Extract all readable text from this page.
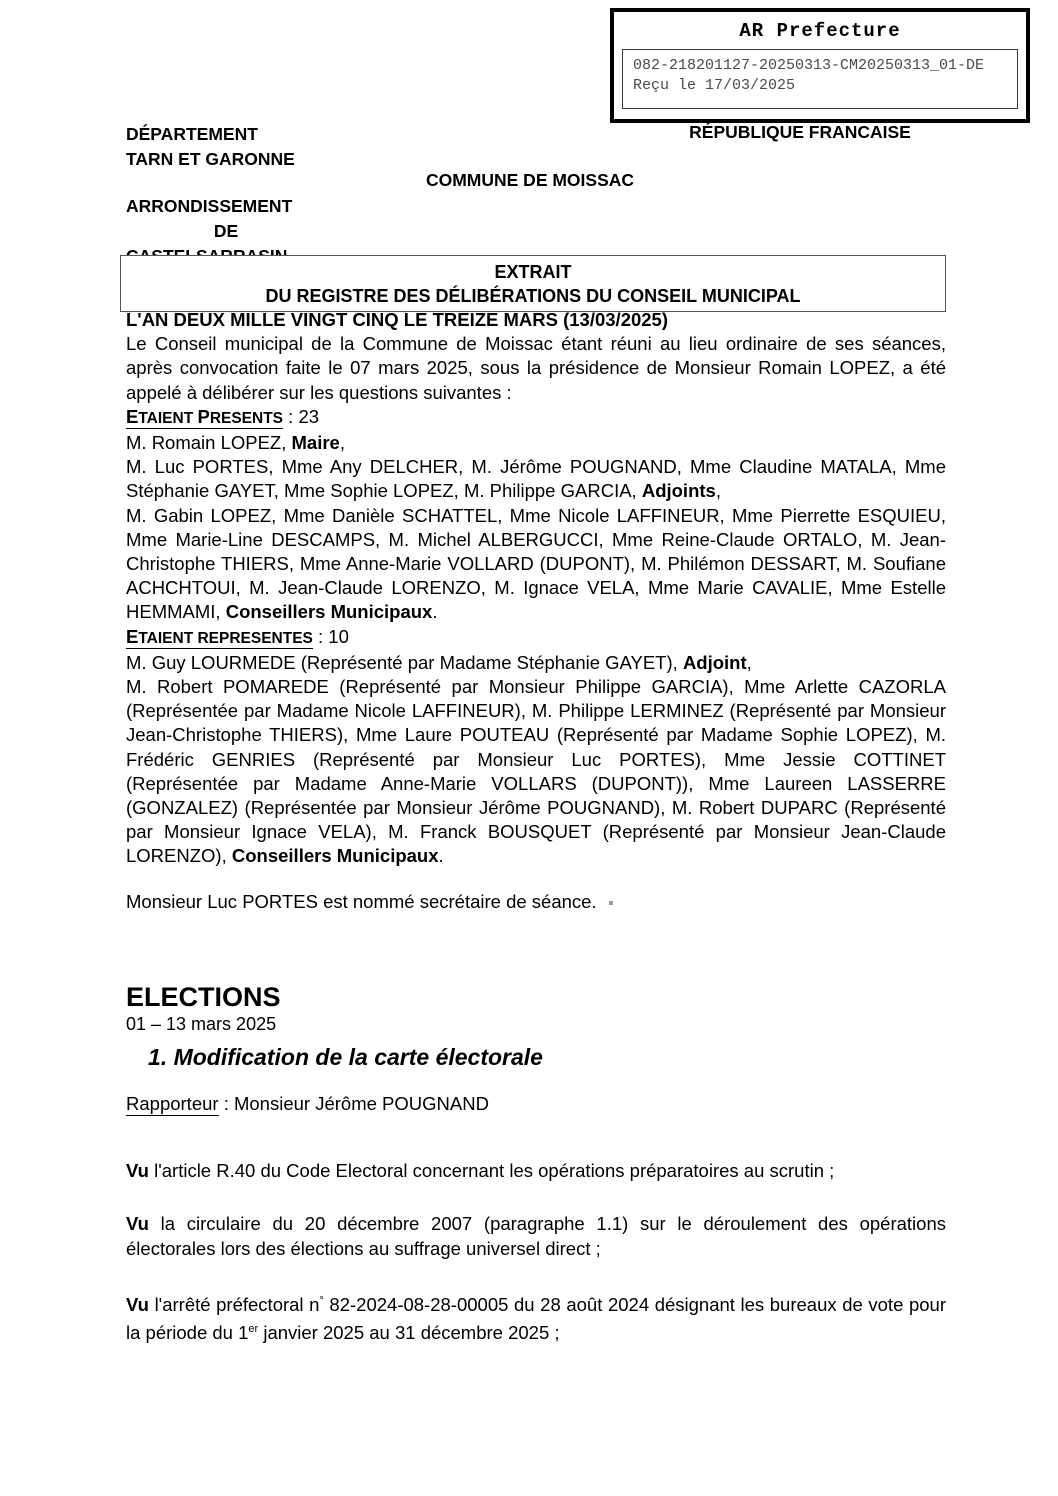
AR Prefecture
082-218201127-20250313-CM20250313_01-DE
Reçu le 17/03/2025
DÉPARTEMENT
TARN ET GARONNE
ARRONDISSEMENT
DE
RÉPUBLIQUE FRANCAISE
COMMUNE DE MOISSAC
EXTRAIT
DU REGISTRE DES DÉLIBÉRATIONS DU CONSEIL MUNICIPAL

L'AN DEUX MILLE VINGT CINQ LE TREIZE MARS (13/03/2025)

Le Conseil municipal de la Commune de Moissac étant réuni au lieu ordinaire de ses séances, après convocation faite le 07 mars 2025, sous la présidence de Monsieur Romain LOPEZ, a été appelé à délibérer sur les questions suivantes :

ETAIENT PRESENTS : 23

M. Romain LOPEZ, Maire,

M. Luc PORTES, Mme Any DELCHER, M. Jérôme POUGNAND, Mme Claudine MATALA, Mme Stéphanie GAYET, Mme Sophie LOPEZ, M. Philippe GARCIA, Adjoints,

M. Gabin LOPEZ, Mme Danièle SCHATTEL, Mme Nicole LAFFINEUR, Mme Pierrette ESQUIEU, Mme Marie-Line DESCAMPS, M. Michel ALBERGUCCI, Mme Reine-Claude ORTALO, M. Jean-Christophe THIERS, Mme Anne-Marie VOLLARD (DUPONT), M. Philémon DESSART, M. Soufiane ACHCHTOUI, M. Jean-Claude LORENZO, M. Ignace VELA, Mme Marie CAVALIE, Mme Estelle HEMMAMI, Conseillers Municipaux.

ETAIENT REPRESENTES : 10

M. Guy LOURMEDE (Représenté par Madame Stéphanie GAYET), Adjoint,

M. Robert POMAREDE (Représenté par Monsieur Philippe GARCIA), Mme Arlette CAZORLA (Représentée par Madame Nicole LAFFINEUR), M. Philippe LERMINEZ (Représenté par Monsieur Jean-Christophe THIERS), Mme Laure POUTEAU (Représenté par Madame Sophie LOPEZ), M. Frédéric GENRIES (Représenté par Monsieur Luc PORTES), Mme Jessie COTTINET (Représentée par Madame Anne-Marie VOLLARS (DUPONT)), Mme Laureen LASSERRE (GONZALEZ) (Représentée par Monsieur Jérôme POUGNAND), M. Robert DUPARC (Représenté par Monsieur Ignace VELA), M. Franck BOUSQUET (Représenté par Monsieur Jean-Claude LORENZO), Conseillers Municipaux.

Monsieur Luc PORTES est nommé secrétaire de séance.
ELECTIONS
01 – 13 mars 2025
1. Modification de la carte électorale
Rapporteur : Monsieur Jérôme POUGNAND

Vu l'article R.40 du Code Electoral concernant les opérations préparatoires au scrutin ;

Vu la circulaire du 20 décembre 2007 (paragraphe 1.1) sur le déroulement des opérations électorales lors des élections au suffrage universel direct ;

Vu l'arrêté préfectoral n° 82-2024-08-28-00005 du 28 août 2024 désignant les bureaux de vote pour la période du 1er janvier 2025 au 31 décembre 2025 ;
